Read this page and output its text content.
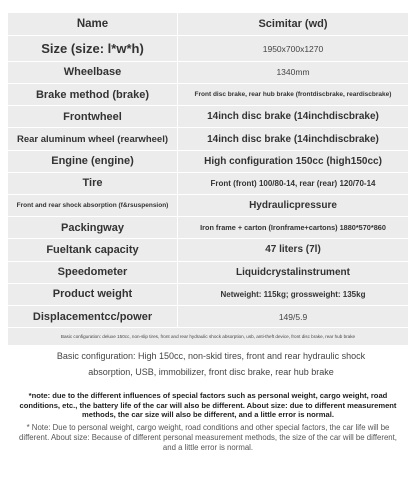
Name	Scimitar (wd)
Size (size: l*w*h)	1950x700x1270
Wheelbase	1340mm
Brake method (brake)	Front disc brake, rear hub brake (frontdiscbrake, reardiscbrake)
Frontwheel	14inch disc brake (14inchdiscbrake)
Rear aluminum wheel (rearwheel)	14inch disc brake (14inchdiscbrake)
Engine (engine)	High configuration 150cc (high150cc)
Tire	Front (front) 100/80-14, rear (rear) 120/70-14
Front and rear shock absorption (f&rsuspension)	Hydraulicpressure
Packingway	Iron frame + carton (Ironframe+cartons) 1880*570*860
Fueltank capacity	47 liters (7l)
Speedometer	Liquidcrystalinstrument
Product weight	Netweight: 115kg; grossweight: 135kg
Displacementcc/power	149/5.9
Basic configuration: deluxe 150cc, non-slip tires, front and rear hydraulic shock absorption, usb, anti-theft device, front disc brake, rear hub brake	
Basic configuration: High 150cc, non-skid tires, front and rear hydraulic shock absorption, USB, immobilizer, front disc brake, rear hub brake
*note: due to the different influences of special factors such as personal weight, cargo weight, road conditions, etc., the battery life of the car will also be different. About size: due to different measurement methods, the car size will also be different, and a little error is normal.
* Note: Due to personal weight, cargo weight, road conditions and other special factors, the car life will be different. About size: Because of different personal measurement methods, the size of the car will be different, and a little error is normal.
